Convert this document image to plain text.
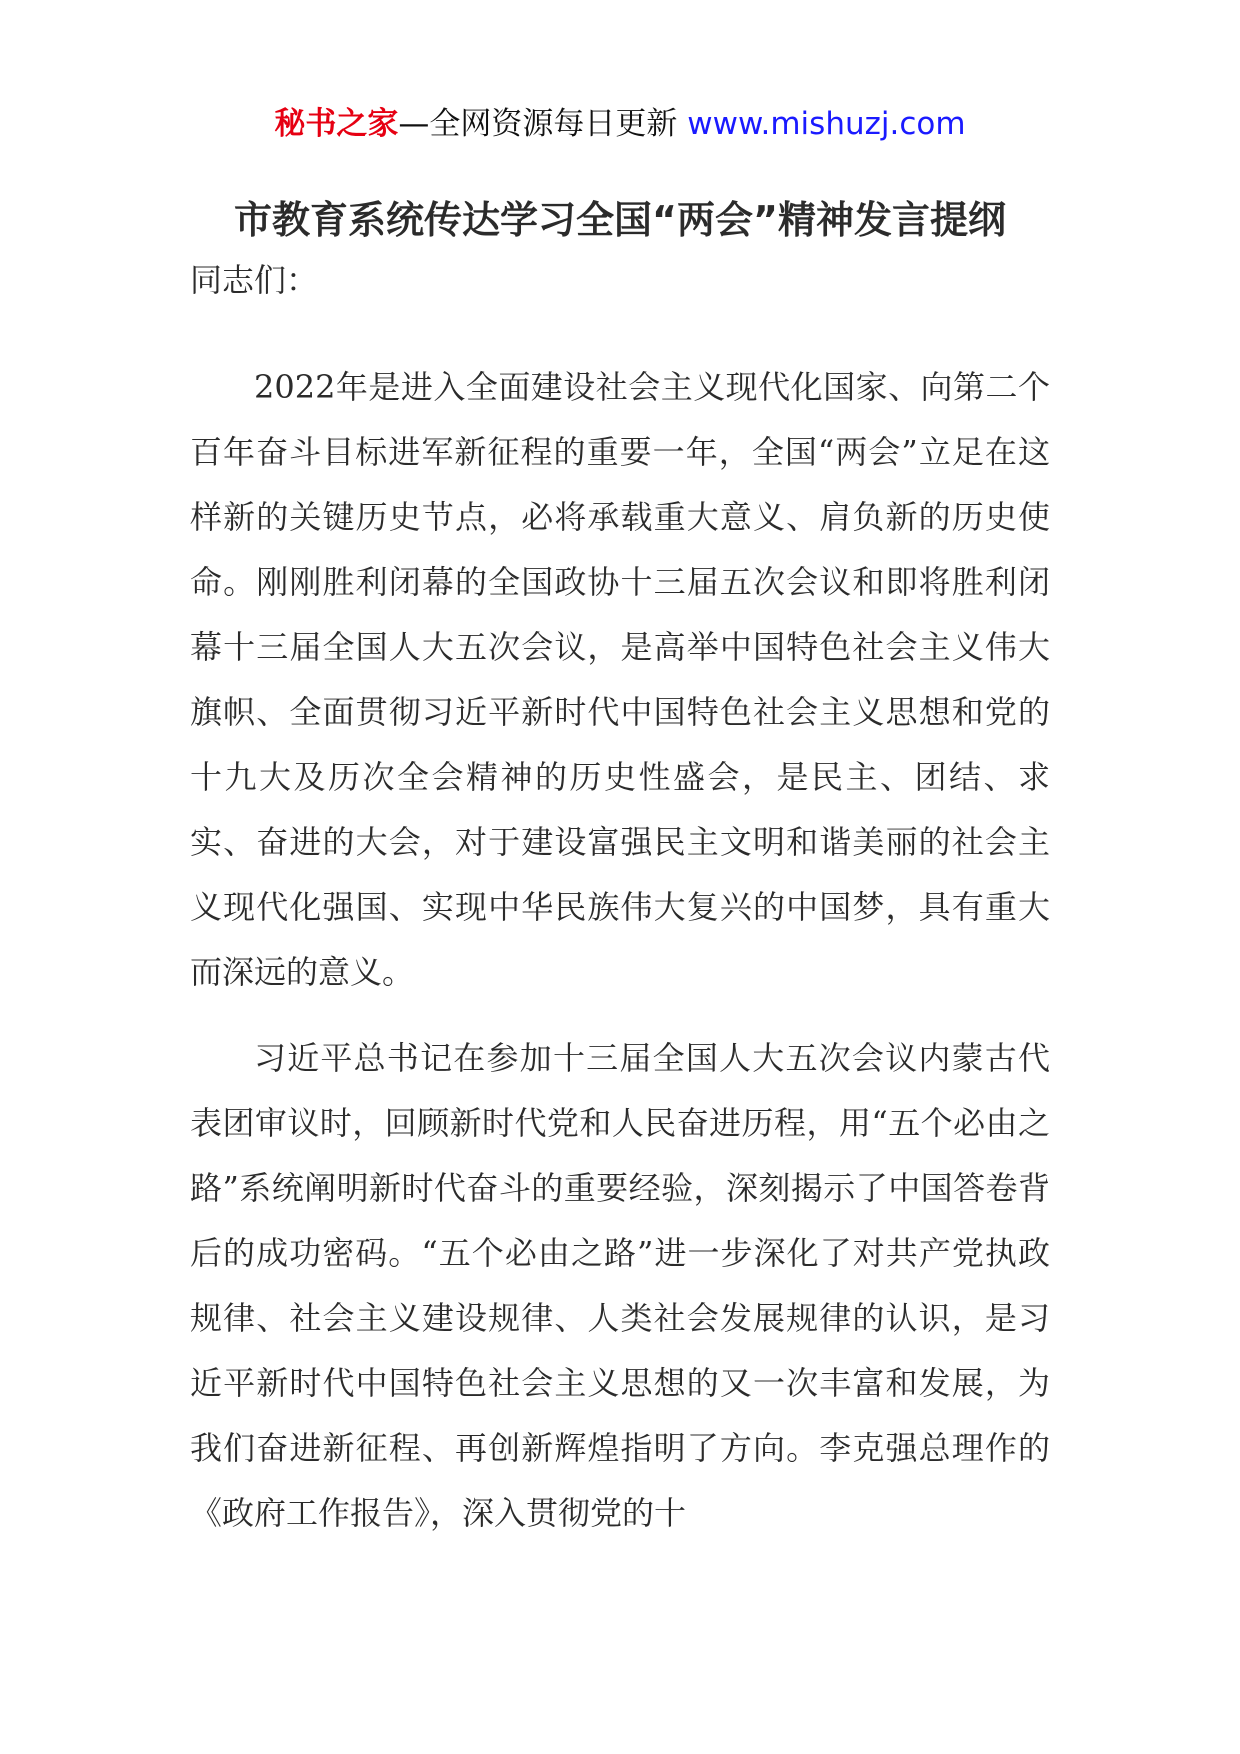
秘书之家—全网资源每日更新 www.mishuzj.com
市教育系统传达学习全国“两会”精神发言提纲
同志们：

2022年是进入全面建设社会主义现代化国家、向第二个百年奋斗目标进军新征程的重要一年，全国“两会”立足在这样新的关键历史节点，必将承载重大意义、肩负新的历史使命。刚刚胜利闭幕的全国政协十三届五次会议和即将胜利闭幕十三届全国人大五次会议，是高举中国特色社会主义伟大旗帜、全面贯彻习近平新时代中国特色社会主义思想和党的十九大及历次全会精神的历史性盛会，是民主、团结、求实、奋进的大会，对于建设富强民主文明和谐美丽的社会主义现代化强国、实现中华民族伟大复兴的中国梦，具有重大而深远的意义。

习近平总书记在参加十三届全国人大五次会议内蒙古代表团审议时，回顾新时代党和人民奋进历程，用“五个必由之路”系统阐明新时代奋斗的重要经验，深刻揭示了中国答卷背后的成功密码。“五个必由之路”进一步深化了对共产党执政规律、社会主义建设规律、人类社会发展规律的认识，是习近平新时代中国特色社会主义思想的又一次丰富和发展，为我们奋进新征程、再创新辉煌指明了方向。李克强总理作的《政府工作报告》，深入贯彻党的十
